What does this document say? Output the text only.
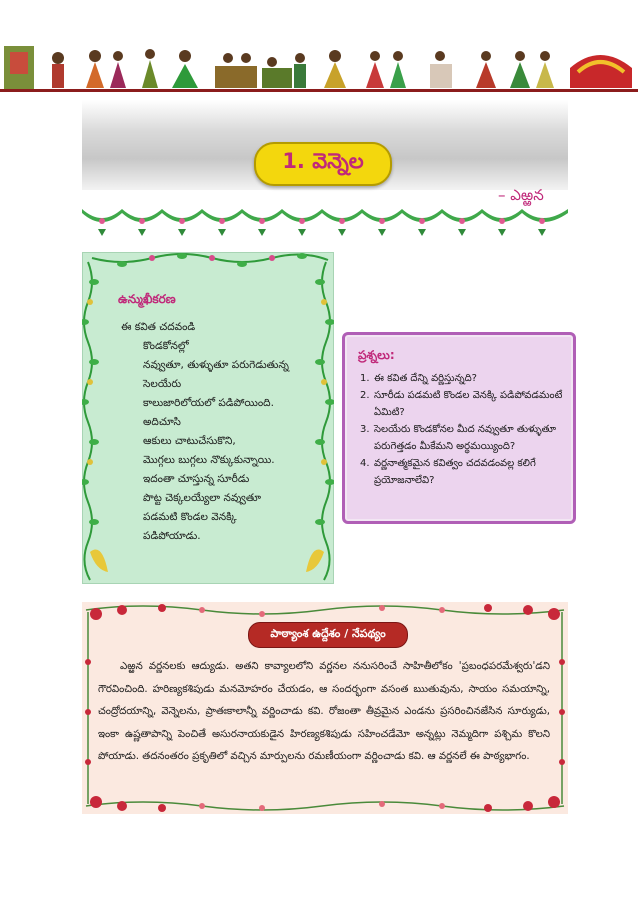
1. వెన్నెల
– ఎఱ్ఱన
ఉన్ముఖీకరణ
ఈ కవిత చదవండి
కొండకోనల్లో
నవ్వుతూ, తుళ్ళుతూ పరుగెడుతున్న
సెలయేరు
కాలుజారిలోయలో పడిపోయింది.
అదిచూసి
ఆకులు చాటుచేసుకొని,
మొగ్గలు బుగ్గలు నొక్కుకున్నాయి.
ఇదంతా చూస్తున్న సూరీడు
పొట్ట చెక్కలయ్యేలా నవ్వుతూ
పడమటి కొండల వెనక్కి
పడిపోయాడు.
ప్రశ్నలు:
1. ఈ కవిత దేన్ని వర్ణిస్తున్నది?
2. సూరీడు పడమటి కొండల వెనక్కి పడిపోవడమంటే ఏమిటి?
3. సెలయేరు కొండకోనల మీద నవ్వుతూ తుళ్ళుతూ పరుగెత్తడం మీకేమని అర్థమయ్యింది?
4. వర్ణనాత్మకమైన కవిత్వం చదవడంవల్ల కలిగే ప్రయోజనాలేవి?
పాఠ్యాంశ ఉద్దేశం / నేపథ్యం
ఎఱ్ఱన వర్ణనలకు ఆద్యుడు. అతని కావ్యాలలోని వర్ణనల ననుసరించే సాహితీలోకం 'ప్రబంధపరమేశ్వరు'డని గౌరవించింది. హరిణ్యకశిపుడు మనమోహరం చేయడం, ఆ సందర్భంగా వసంత ఋతువును, సాయం సమయాన్ని, చంద్రోదయాన్ని, వెన్నెలను, ప్రాతఃకాలాన్నీ వర్ణించాడు కవి. రోజంతా తీవ్రమైన ఎండను ప్రసరించినజేసిన సూర్యుడు, ఇంకా ఉష్ణతాపాన్ని పెంచితే అసురనాయకుడైన హిరణ్యకశిపుడు సహించడేమో అన్నట్లు నెమ్మదిగా పశ్చిమ కొలని పోయాడు. తదనంతరం ప్రకృతిలో వచ్చిన మార్పులను రమణీయంగా వర్ణించాడు కవి. ఆ వర్ణనలే ఈ పాఠ్యభాగం.
